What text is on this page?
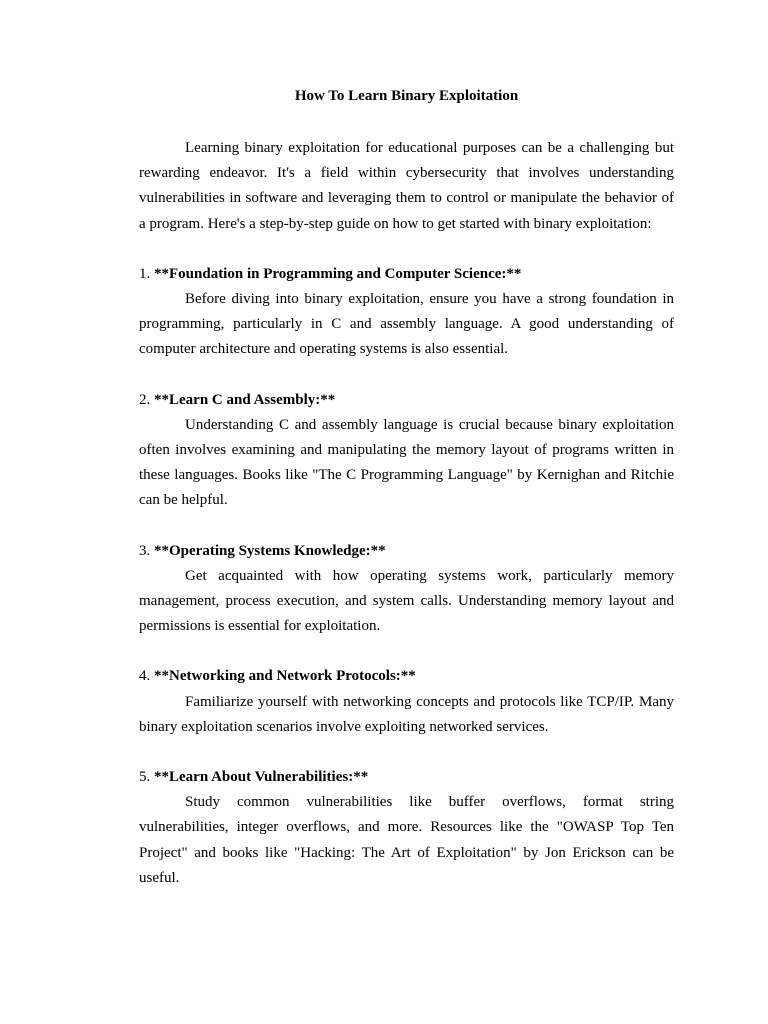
How To Learn Binary Exploitation

Learning binary exploitation for educational purposes can be a challenging but rewarding endeavor. It's a field within cybersecurity that involves understanding vulnerabilities in software and leveraging them to control or manipulate the behavior of a program. Here's a step-by-step guide on how to get started with binary exploitation:

1. **Foundation in Programming and Computer Science:**

Before diving into binary exploitation, ensure you have a strong foundation in programming, particularly in C and assembly language. A good understanding of computer architecture and operating systems is also essential.

2. **Learn C and Assembly:**

Understanding C and assembly language is crucial because binary exploitation often involves examining and manipulating the memory layout of programs written in these languages. Books like "The C Programming Language" by Kernighan and Ritchie can be helpful.

3. **Operating Systems Knowledge:**

Get acquainted with how operating systems work, particularly memory management, process execution, and system calls. Understanding memory layout and permissions is essential for exploitation.

4. **Networking and Network Protocols:**

Familiarize yourself with networking concepts and protocols like TCP/IP. Many binary exploitation scenarios involve exploiting networked services.

5. **Learn About Vulnerabilities:**

Study common vulnerabilities like buffer overflows, format string vulnerabilities, integer overflows, and more. Resources like the "OWASP Top Ten Project" and books like "Hacking: The Art of Exploitation" by Jon Erickson can be useful.
